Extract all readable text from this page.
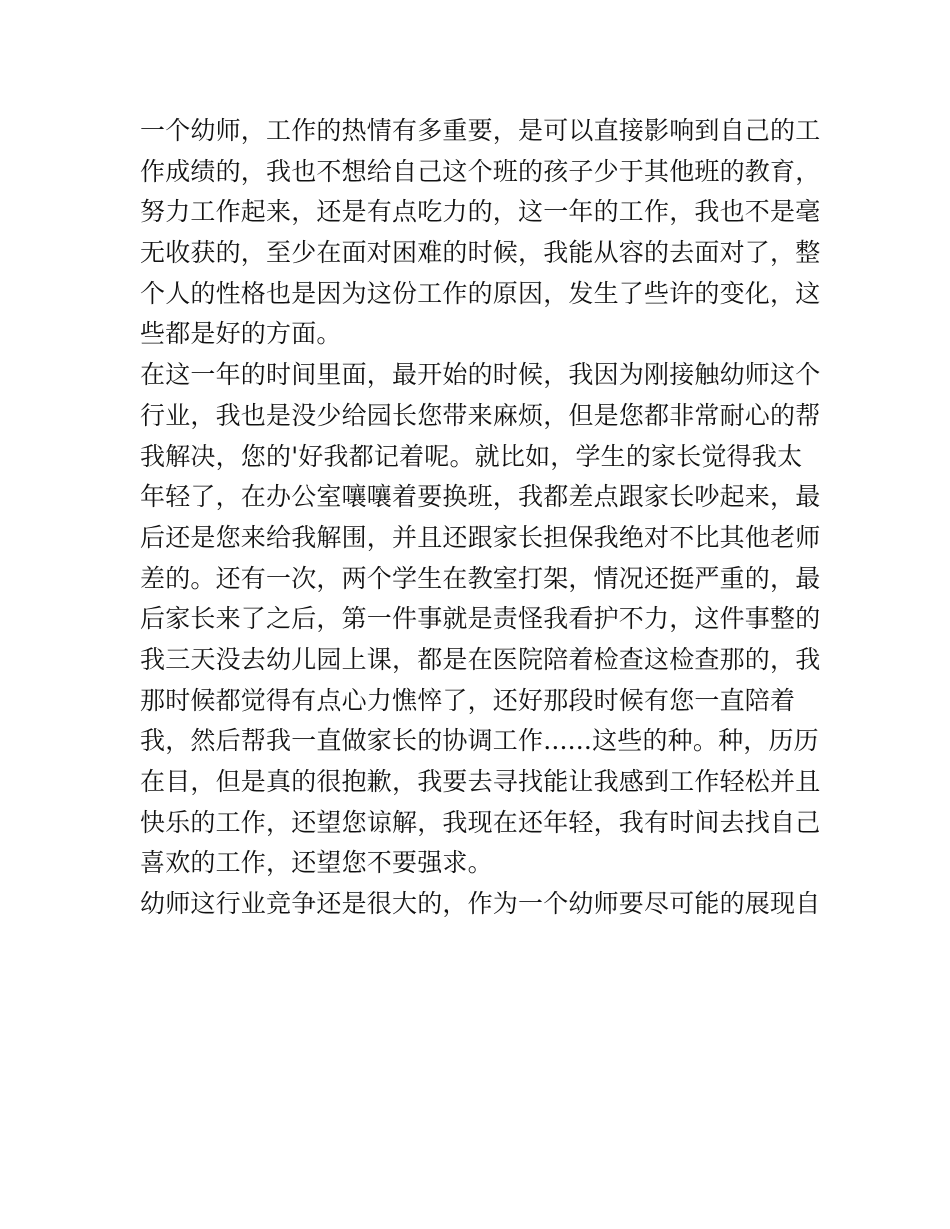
一个幼师，工作的热情有多重要，是可以直接影响到自己的工
作成绩的，我也不想给自己这个班的孩子少于其他班的教育，
努力工作起来，还是有点吃力的，这一年的工作，我也不是毫
无收获的，至少在面对困难的时候，我能从容的去面对了，整
个人的性格也是因为这份工作的原因，发生了些许的变化，这
些都是好的方面。
在这一年的时间里面，最开始的时候，我因为刚接触幼师这个
行业，我也是没少给园长您带来麻烦，但是您都非常耐心的帮
我解决，您的'好我都记着呢。就比如，学生的家长觉得我太
年轻了，在办公室嚷嚷着要换班，我都差点跟家长吵起来，最
后还是您来给我解围，并且还跟家长担保我绝对不比其他老师
差的。还有一次，两个学生在教室打架，情况还挺严重的，最
后家长来了之后，第一件事就是责怪我看护不力，这件事整的
我三天没去幼儿园上课，都是在医院陪着检查这检查那的，我
那时候都觉得有点心力憔悴了，还好那段时候有您一直陪着
我，然后帮我一直做家长的协调工作......这些的种。种，历历
在目，但是真的很抱歉，我要去寻找能让我感到工作轻松并且
快乐的工作，还望您谅解，我现在还年轻，我有时间去找自己
喜欢的工作，还望您不要强求。
幼师这行业竞争还是很大的，作为一个幼师要尽可能的展现自
